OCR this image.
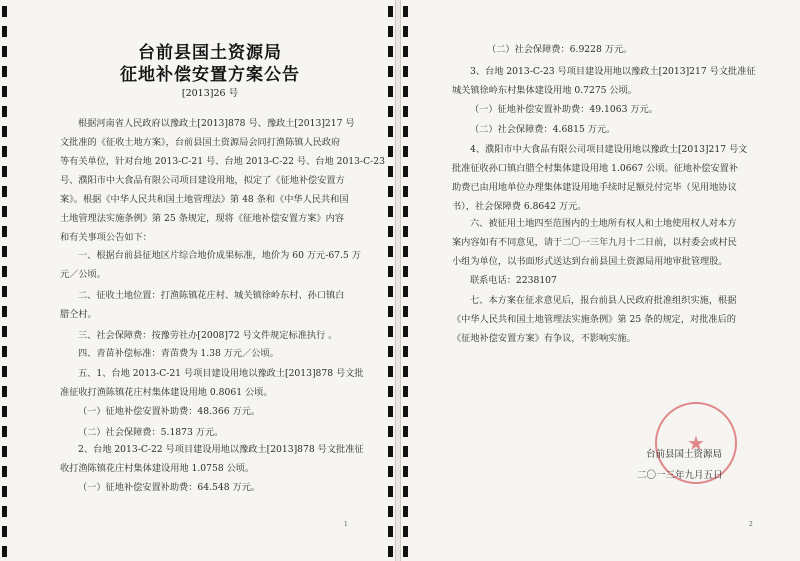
台前县国土资源局
征地补偿安置方案公告
[2013]26 号
根据河南省人民政府以豫政土[2013]878 号、豫政土[2013]217 号
文批准的《征收土地方案》，台前县国土资源局会同打渔陈镇人民政府
等有关单位，针对台地 2013-C-21 号、台地 2013-C-22 号、台地 2013-C-23
号、濮阳市中大食品有限公司项目建设用地，拟定了《征地补偿安置方
案》。根据《中华人民共和国土地管理法》第 48 条和《中华人民共和国
土地管理法实施条例》第 25 条规定，现将《征地补偿安置方案》内容
和有关事项公告如下：
一、根据台前县征地区片综合地价成果标准，地价为 60 万元-67.5 万
元／公顷。
二、征收土地位置：打渔陈镇花庄村、城关镇徐岭东村、孙口镇白
腊仝村。
三、社会保障费：按豫劳社办[2008]72 号文件规定标准执行 。
四、青苗补偿标准：青苗费为 1.38 万元／公顷。
五、1、台地 2013-C-21 号项目建设用地以豫政土[2013]878 号文批
准征收打渔陈镇花庄村集体建设用地 0.8061 公顷。
（一）征地补偿安置补助费：48.366 万元。
（二）社会保障费：5.1873 万元。
2、台地 2013-C-22 号项目建设用地以豫政土[2013]878 号文批准征
收打渔陈镇花庄村集体建设用地 1.0758 公顷。
（一）征地补偿安置补助费：64.548 万元。
1
（二）社会保障费：6.9228 万元。
3、台地 2013-C-23 号项目建设用地以豫政土[2013]217 号文批准征
城关镇徐岭东村集体建设用地 0.7275 公顷。
（一）征地补偿安置补助费：49.1063 万元。
（二）社会保障费：4.6815 万元。
4、濮阳市中大食品有限公司项目建设用地以豫政土[2013]217 号文
批准征收孙口镇白腊仝村集体建设用地 1.0667 公顷。征地补偿安置补
助费已由用地单位办理集体建设用地手续时足额兑付完毕（见用地协议
书），社会保障费 6.8642 万元。
六、被征用土地四至范围内的土地所有权人和土地使用权人对本方
案内容如有不同意见，请于二〇一三年九月十二日前，以村委会或村民
小组为单位，以书面形式送达到台前县国土资源局用地审批管理股。
联系电话：2238107
七、本方案在征求意见后，报台前县人民政府批准组织实施，根据
《中华人民共和国土地管理法实施条例》第 25 条的规定，对批准后的
《征地补偿安置方案》有争议，不影响实施。
2
★
台前县国土资源局
二〇一三年九月五日
